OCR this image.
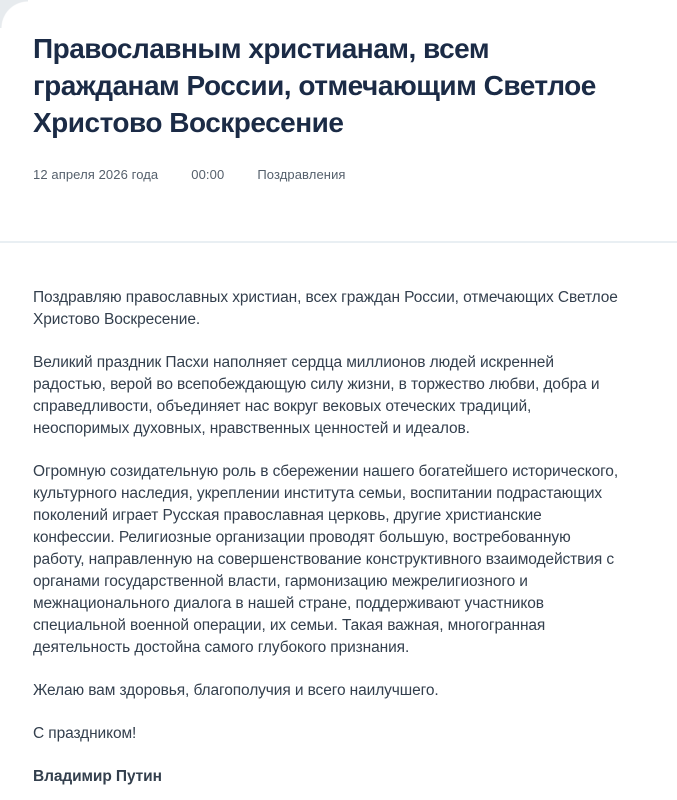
Православным христианам, всем гражданам России, отмечающим Светлое Христово Воскресение
12 апреля 2026 года	00:00	Поздравления

Поздравляю православных христиан, всех граждан России, отмечающих Светлое Христово Воскресение.

Великий праздник Пасхи наполняет сердца миллионов людей искренней радостью, верой во всепобеждающую силу жизни, в торжество любви, добра и справедливости, объединяет нас вокруг вековых отеческих традиций, неоспоримых духовных, нравственных ценностей и идеалов.

Огромную созидательную роль в сбережении нашего богатейшего исторического, культурного наследия, укреплении института семьи, воспитании подрастающих поколений играет Русская православная церковь, другие христианские конфессии. Религиозные организации проводят большую, востребованную работу, направленную на совершенствование конструктивного взаимодействия с органами государственной власти, гармонизацию межрелигиозного и межнационального диалога в нашей стране, поддерживают участников специальной военной операции, их семьи. Такая важная, многогранная деятельность достойна самого глубокого признания.

Желаю вам здоровья, благополучия и всего наилучшего.

С праздником!

Владимир Путин
